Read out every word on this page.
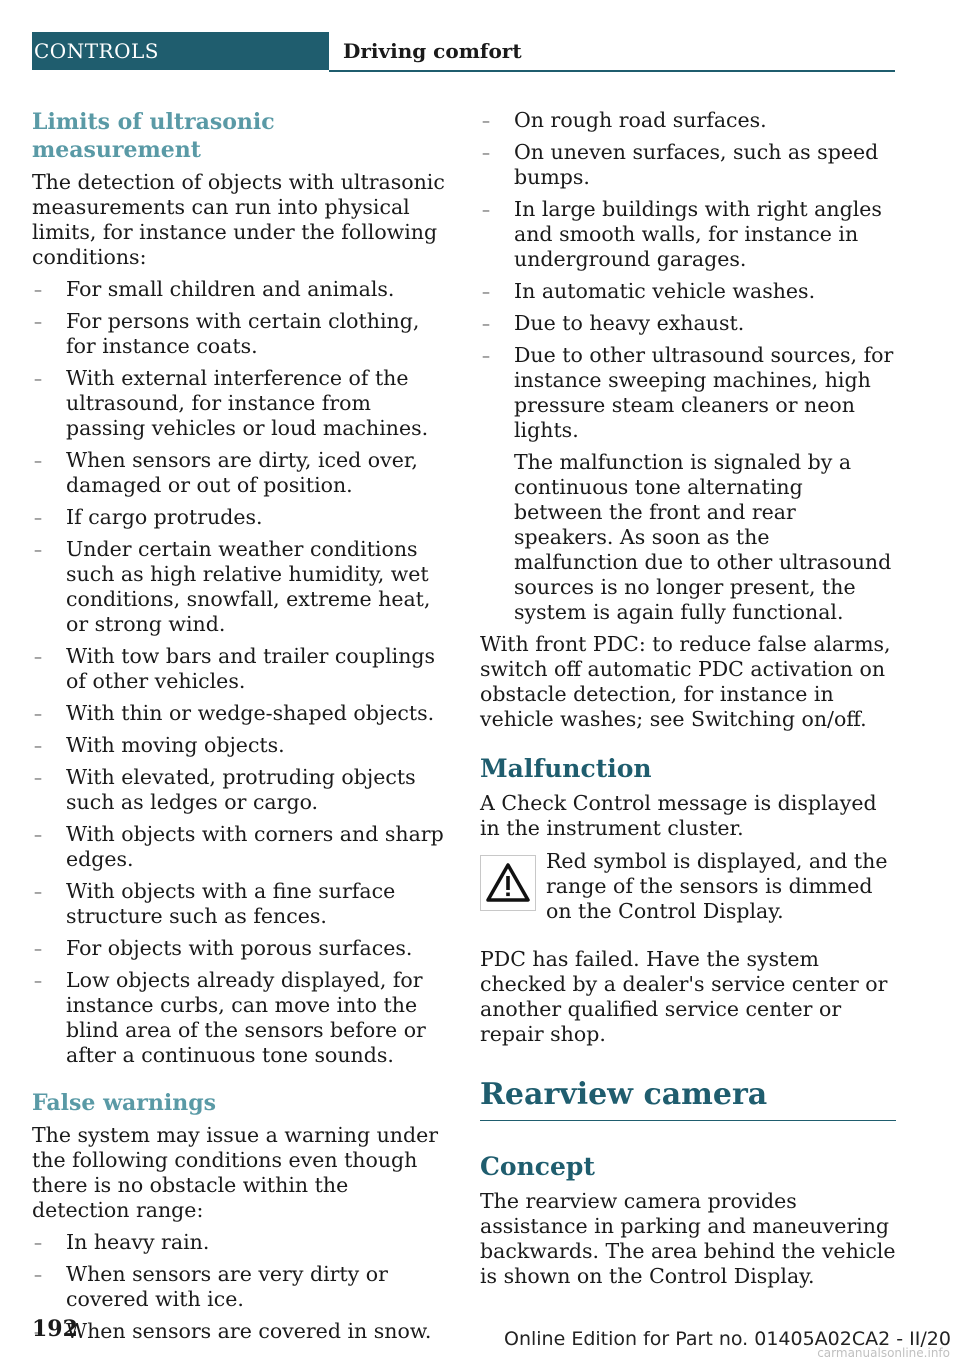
CONTROLS	Driving comfort
Limits of ultrasonic measurement

The detection of objects with ultrasonic measurements can run into physical limits, for instance under the following conditions:

– For small children and animals.
– For persons with certain clothing, for instance coats.
– With external interference of the ultrasound, for instance from passing vehicles or loud machines.
– When sensors are dirty, iced over, damaged or out of position.
– If cargo protrudes.
– Under certain weather conditions such as high relative humidity, wet conditions, snowfall, extreme heat, or strong wind.
– With tow bars and trailer couplings of other vehicles.
– With thin or wedge-shaped objects.
– With moving objects.
– With elevated, protruding objects such as ledges or cargo.
– With objects with corners and sharp edges.
– With objects with a fine surface structure such as fences.
– For objects with porous surfaces.
– Low objects already displayed, for instance curbs, can move into the blind area of the sensors before or after a continuous tone sounds.
False warnings

The system may issue a warning under the following conditions even though there is no obstacle within the detection range:

– In heavy rain.
– When sensors are very dirty or covered with ice.
– When sensors are covered in snow.
– On rough road surfaces.
– On uneven surfaces, such as speed bumps.
– In large buildings with right angles and smooth walls, for instance in underground garages.
– In automatic vehicle washes.
– Due to heavy exhaust.
– Due to other ultrasound sources, for instance sweeping machines, high pressure steam cleaners or neon lights.

The malfunction is signaled by a continuous tone alternating between the front and rear speakers. As soon as the malfunction due to other ultrasound sources is no longer present, the system is again fully functional.

With front PDC: to reduce false alarms, switch off automatic PDC activation on obstacle detection, for instance in vehicle washes; see Switching on/off.

Malfunction

A Check Control message is displayed in the instrument cluster.

Red symbol is displayed, and the range of the sensors is dimmed on the Control Display.

PDC has failed. Have the system checked by a dealer's service center or another qualified service center or repair shop.

Rearview camera
Concept

The rearview camera provides assistance in parking and maneuvering backwards. The area behind the vehicle is shown on the Control Display.

192	Online Edition for Part no. 01405A02CA2 - II/20
carmanualsonline.info
